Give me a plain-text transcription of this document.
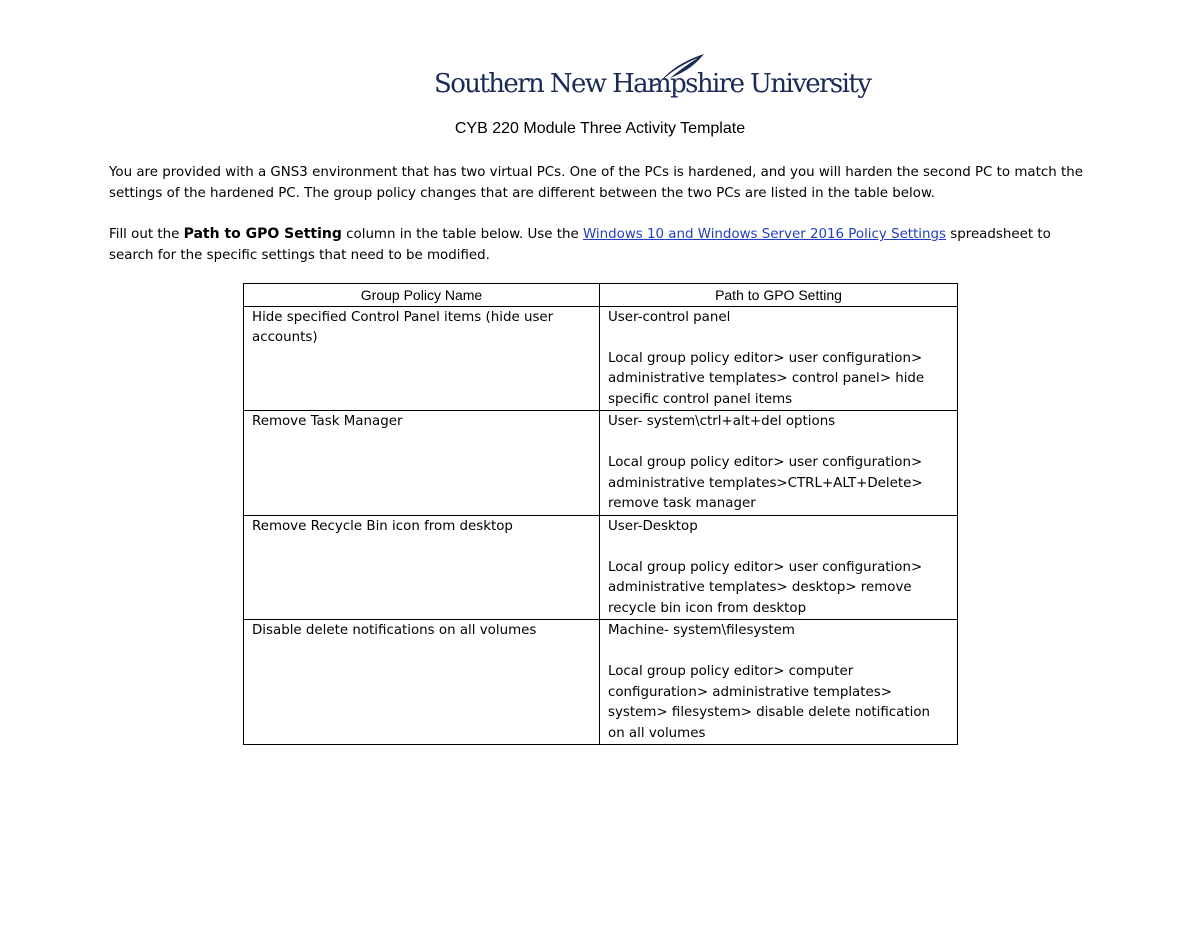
Southern New Hampshire University
CYB 220 Module Three Activity Template

You are provided with a GNS3 environment that has two virtual PCs. One of the PCs is hardened, and you will harden the second PC to match the settings of the hardened PC. The group policy changes that are different between the two PCs are listed in the table below.

Fill out the Path to GPO Setting column in the table below. Use the Windows 10 and Windows Server 2016 Policy Settings spreadsheet to search for the specific settings that need to be modified.

Group Policy Name	Path to GPO Setting
Hide specified Control Panel items (hide user accounts)	User-control panel
Local group policy editor> user configuration> administrative templates> control panel> hide specific control panel items

Remove Task Manager	User- system\ctrl+alt+del options
Local group policy editor> user configuration> administrative templates>CTRL+ALT+Delete> remove task manager

Remove Recycle Bin icon from desktop	User-Desktop
Local group policy editor> user configuration> administrative templates> desktop> remove recycle bin icon from desktop

Disable delete notifications on all volumes	Machine- system\filesystem
Local group policy editor> computer configuration> administrative templates> system> filesystem> disable delete notification on all volumes
